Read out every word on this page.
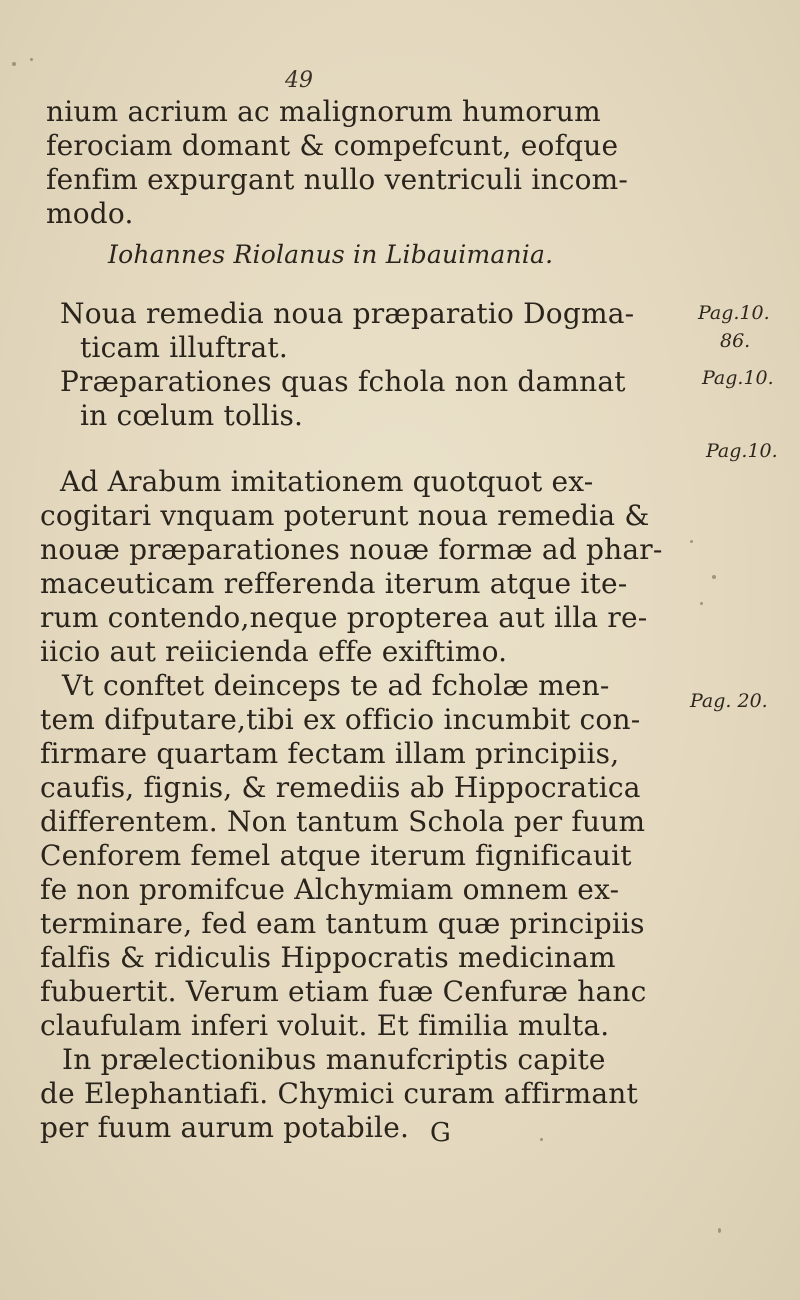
49
nium acrium ac malignorum humorum
ferociam domant & compefcunt, eofque
fenfim expurgant nullo ventriculi incom-
modo.
Iohannes Riolanus in Libauimania.
Noua remedia noua præparatio Dogma-
ticam illuftrat.
Præparationes quas fchola non damnat
in cœlum tollis.
Ad Arabum imitationem quotquot ex-
cogitari vnquam poterunt noua remedia &
nouæ præparationes nouæ formæ ad phar-
maceuticam refferenda iterum atque ite-
rum contendo,neque propterea aut illa re-
iicio aut reiicienda effe exiftimo.
Vt conftet deinceps te ad fcholæ men-
tem difputare,tibi ex officio incumbit con-
firmare quartam fectam illam principiis,
caufis, fignis, & remediis ab Hippocratica
differentem. Non tantum Schola per fuum
Cenforem femel atque iterum fignificauit
fe non promifcue Alchymiam omnem ex-
terminare, fed eam tantum quæ principiis
falfis & ridiculis Hippocratis medicinam
fubuertit. Verum etiam fuæ Cenfuræ hanc
claufulam inferi voluit. Et fimilia multa.
In prælectionibus manufcriptis capite
de Elephantiafi. Chymici curam affirmant
per fuum aurum potabile.
Pag.10.
86.
Pag.10.
Pag.10.
Pag. 20.
G
